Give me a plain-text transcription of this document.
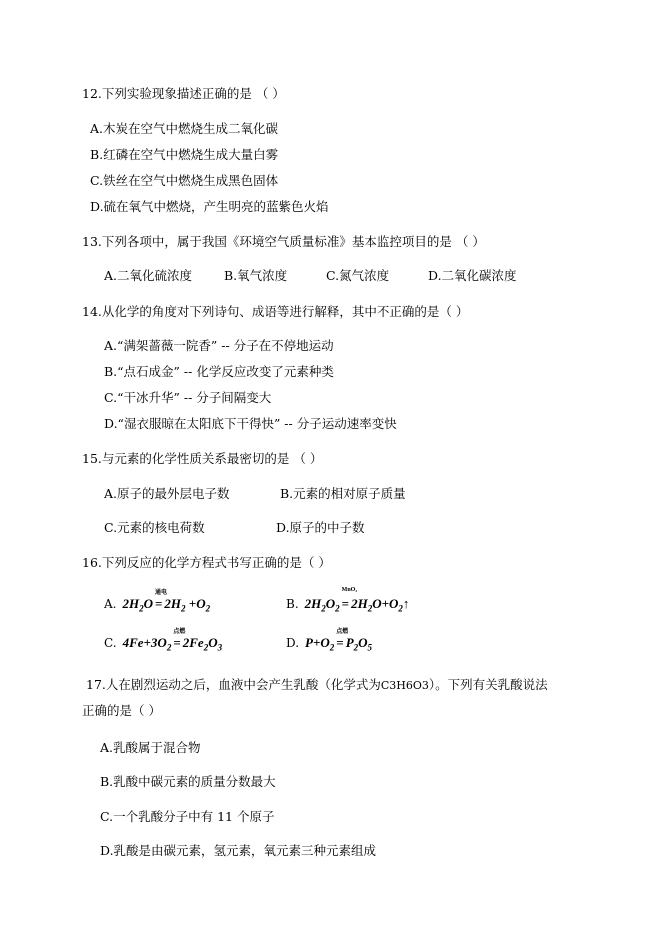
12.下列实验现象描述正确的是 （ ）
A.木炭在空气中燃烧生成二氧化碳
B.红磷在空气中燃烧生成大量白雾
C.铁丝在空气中燃烧生成黑色固体
D.硫在氧气中燃烧，产生明亮的蓝紫色火焰
13.下列各项中，属于我国《环境空气质量标准》基本监控项目的是 （ ）
A.二氧化硫浓度	B.氧气浓度	C.氮气浓度	D.二氧化碳浓度
14.从化学的角度对下列诗句、成语等进行解释，其中不正确的是（ ）
A.“满架蔷薇一院香” -- 分子在不停地运动
B.“点石成金” -- 化学反应改变了元素种类
C.“干冰升华” -- 分子间隔变大
D.“湿衣服晾在太阳底下干得快” -- 分子运动速率变快
15.与元素的化学性质关系最密切的是 （ ）
A.原子的最外层电子数	B.元素的相对原子质量
C.元素的核电荷数	D.原子的中子数
16.下列反应的化学方程式书写正确的是（ ）
A. $2H_2O$
通电
= $2H_2 +O_2$	B. $2H_2O_2$
MnO₂
= $2H_2O+O_2↑$
C. $4Fe+3O_2$
点燃
= $2Fe_2O_3$	D. $P+O_2$
点燃
= $P_2O_5$
17.人在剧烈运动之后，血液中会产生乳酸（化学式为C3H6O3）。下列有关乳酸说法
正确的是（ ）
A.乳酸属于混合物
B.乳酸中碳元素的质量分数最大
C.一个乳酸分子中有 11 个原子
D.乳酸是由碳元素，氢元素，氧元素三种元素组成
